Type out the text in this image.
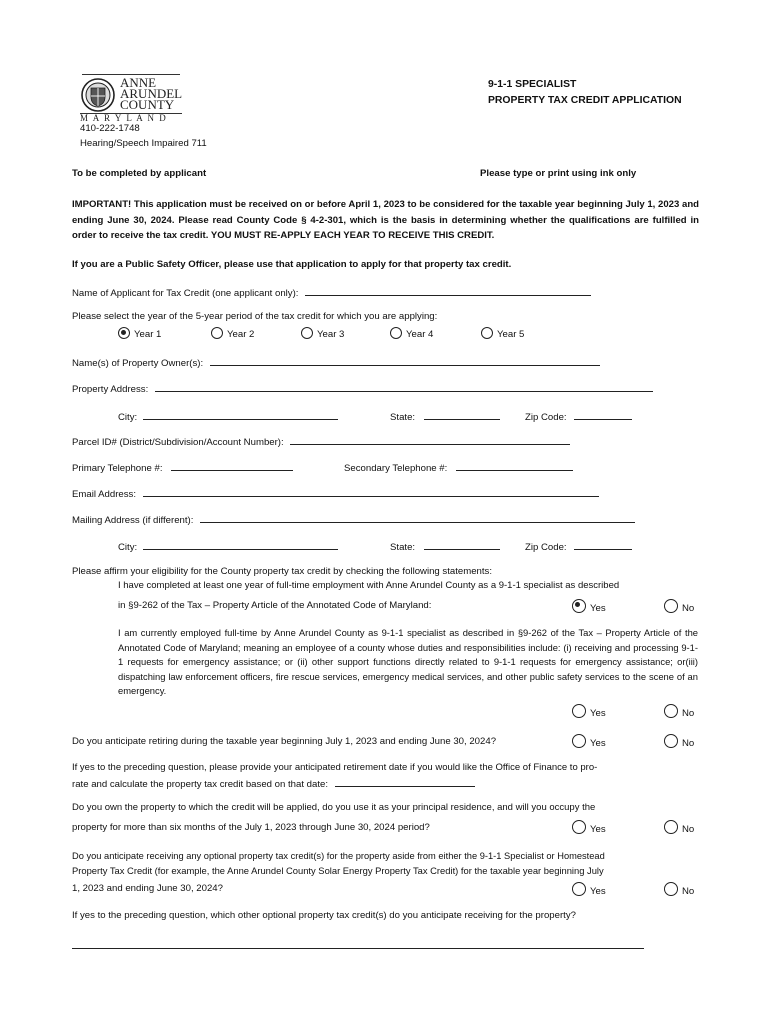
ANNE
ARUNDEL
COUNTY
M A R Y L A N D
410-222-1748
Hearing/Speech Impaired 711
9-1-1 SPECIALIST
PROPERTY TAX CREDIT APPLICATION
To be completed by applicant	Please type or print using ink only
IMPORTANT! This application must be received on or before April 1, 2023 to be considered for the taxable year beginning July 1, 2023 and ending June 30, 2024. Please read County Code § 4-2-301, which is the basis in determining whether the qualifications are fulfilled in order to receive the tax credit. YOU MUST RE-APPLY EACH YEAR TO RECEIVE THIS CREDIT.
If you are a Public Safety Officer, please use that application to apply for that property tax credit.
Name of Applicant for Tax Credit (one applicant only):
Please select the year of the 5-year period of the tax credit for which you are applying:
Year 1	Year 2	Year 3	Year 4	Year 5
Name(s) of Property Owner(s):
Property Address:
City:	State:	Zip Code:
Parcel ID# (District/Subdivision/Account Number):
Primary Telephone #:	Secondary Telephone #:
Email Address:
Mailing Address (if different):
City:	State:	Zip Code:
Please affirm your eligibility for the County property tax credit by checking the following statements:
I have completed at least one year of full-time employment with Anne Arundel County as a 9-1-1 specialist as described
in §9-262 of the Tax – Property Article of the Annotated Code of Maryland:	Yes	No
I am currently employed full-time by Anne Arundel County as 9-1-1 specialist as described in §9-262 of the Tax – Property Article of the Annotated Code of Maryland; meaning an employee of a county whose duties and responsibilities include: (i) receiving and processing 9-1-1 requests for emergency assistance; or (ii) other support functions directly related to 9-1-1 requests for emergency assistance; or(iii) dispatching law enforcement officers, fire rescue services, emergency medical services, and other public safety services to the scene of an emergency.
Yes	No
Do you anticipate retiring during the taxable year beginning July 1, 2023 and ending June 30, 2024?	Yes	No
If yes to the preceding question, please provide your anticipated retirement date if you would like the Office of Finance to pro-
rate and calculate the property tax credit based on that date:
Do you own the property to which the credit will be applied, do you use it as your principal residence, and will you occupy the
property for more than six months of the July 1, 2023 through June 30, 2024 period?	Yes	No
Do you anticipate receiving any optional property tax credit(s) for the property aside from either the 9-1-1 Specialist or Homestead
Property Tax Credit (for example, the Anne Arundel County Solar Energy Property Tax Credit) for the taxable year beginning July
1, 2023 and ending June 30, 2024?	Yes	No
If yes to the preceding question, which other optional property tax credit(s) do you anticipate receiving for the property?
